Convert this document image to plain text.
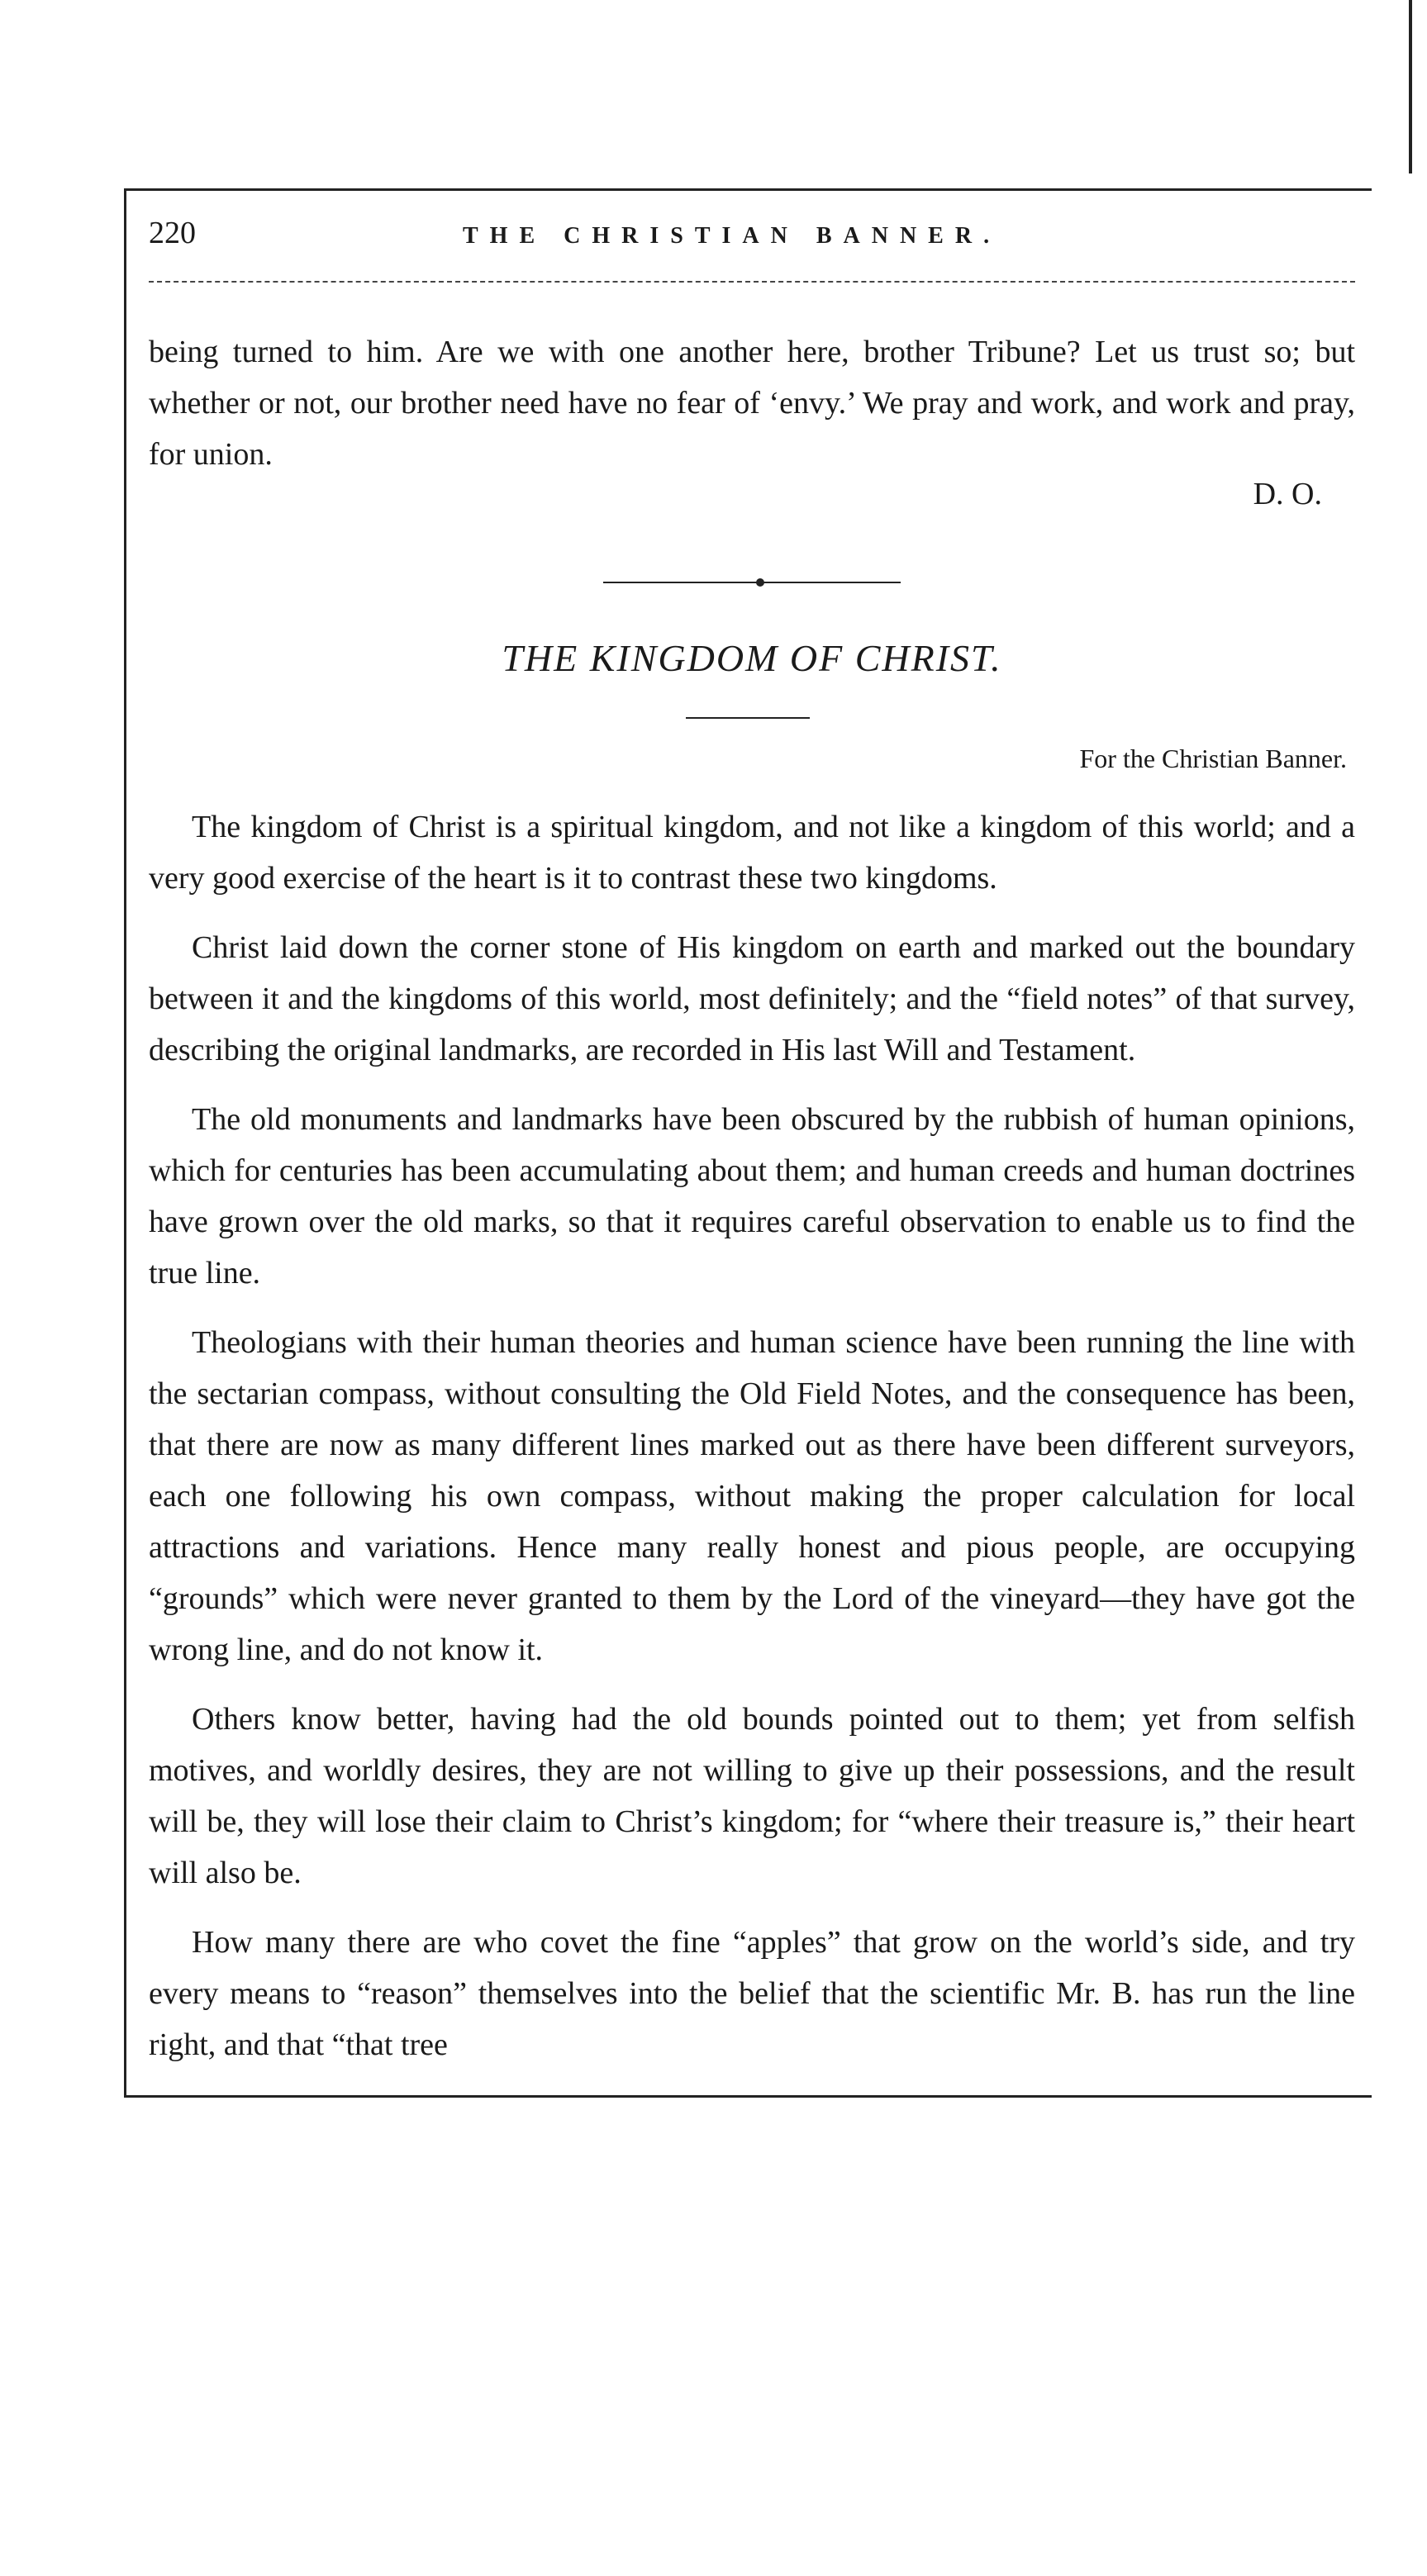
220	THE CHRISTIAN BANNER.

being turned to him. Are we with one another here, brother Tribune? Let us trust so; but whether or not, our brother need have no fear of ‘envy.’ We pray and work, and work and pray, for union.

D. O.
THE KINGDOM OF CHRIST.
For the Christian Banner.

The kingdom of Christ is a spiritual kingdom, and not like a kingdom of this world; and a very good exercise of the heart is it to contrast these two kingdoms.

Christ laid down the corner stone of His kingdom on earth and marked out the boundary between it and the kingdoms of this world, most definitely; and the “field notes” of that survey, describing the original landmarks, are recorded in His last Will and Testament.

The old monuments and landmarks have been obscured by the rubbish of human opinions, which for centuries has been accumulating about them; and human creeds and human doctrines have grown over the old marks, so that it requires careful observation to enable us to find the true line.

Theologians with their human theories and human science have been running the line with the sectarian compass, without consulting the Old Field Notes, and the consequence has been, that there are now as many different lines marked out as there have been different surveyors, each one following his own compass, without making the proper calculation for local attractions and variations. Hence many really honest and pious people, are occupying “grounds” which were never granted to them by the Lord of the vineyard—they have got the wrong line, and do not know it.

Others know better, having had the old bounds pointed out to them; yet from selfish motives, and worldly desires, they are not willing to give up their possessions, and the result will be, they will lose their claim to Christ’s kingdom; for “where their treasure is,” their heart will also be.

How many there are who covet the fine “apples” that grow on the world’s side, and try every means to “reason” themselves into the belief that the scientific Mr. B. has run the line right, and that “that tree
